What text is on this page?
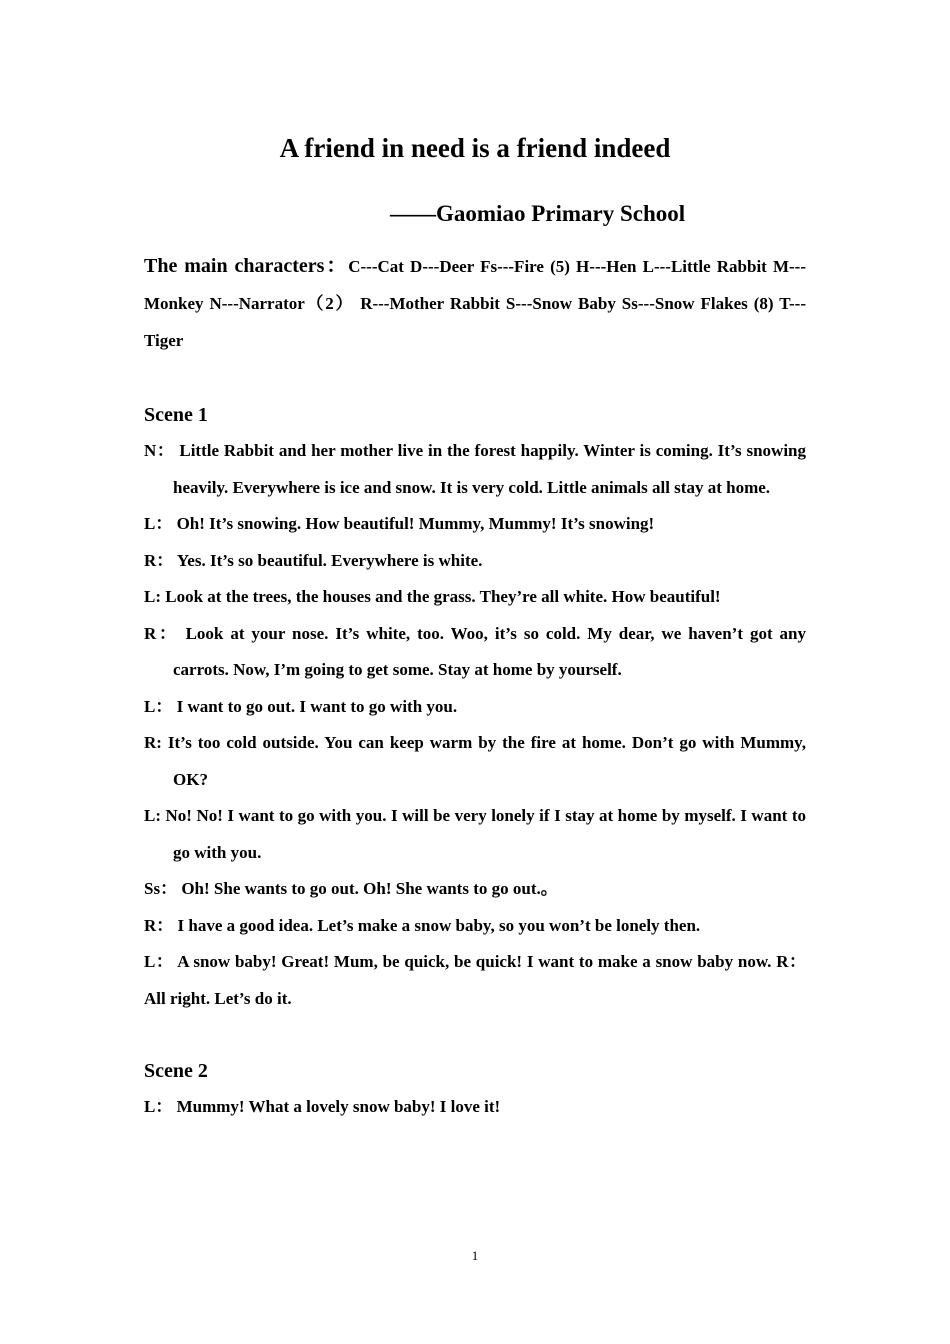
A friend in need is a friend indeed
——Gaomiao Primary School

The main characters：C---Cat D---Deer Fs---Fire (5) H---Hen L---Little Rabbit M---Monkey N---Narrator（2） R---Mother Rabbit S---Snow Baby Ss---Snow Flakes (8) T---Tiger

Scene 1

N： Little Rabbit and her mother live in the forest happily. Winter is coming. It’s snowing heavily. Everywhere is ice and snow. It is very cold. Little animals all stay at home.

L： Oh! It’s snowing. How beautiful! Mummy, Mummy! It’s snowing!

R： Yes. It’s so beautiful. Everywhere is white.

L: Look at the trees, the houses and the grass. They’re all white. How beautiful!

R： Look at your nose. It’s white, too. Woo, it’s so cold. My dear, we haven’t got any carrots. Now, I’m going to get some. Stay at home by yourself.

L： I want to go out. I want to go with you.

R: It’s too cold outside. You can keep warm by the fire at home. Don’t go with Mummy, OK?

L: No! No! I want to go with you. I will be very lonely if I stay at home by myself. I want to go with you.

Ss： Oh! She wants to go out. Oh! She wants to go out.。

R： I have a good idea. Let’s make a snow baby, so you won’t be lonely then.

L： A snow baby! Great! Mum, be quick, be quick! I want to make a snow baby now. R： All right. Let’s do it.

Scene 2

L： Mummy! What a lovely snow baby! I love it!

1
